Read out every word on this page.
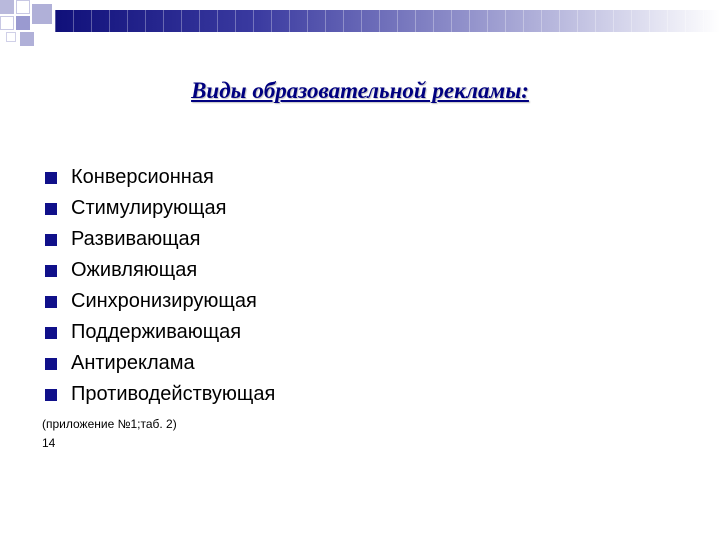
Виды образовательной рекламы:
Конверсионная
Стимулирующая
Развивающая
Оживляющая
Синхронизирующая
Поддерживающая
Антиреклама
Противодействующая
(приложение №1;таб. 2)
14
